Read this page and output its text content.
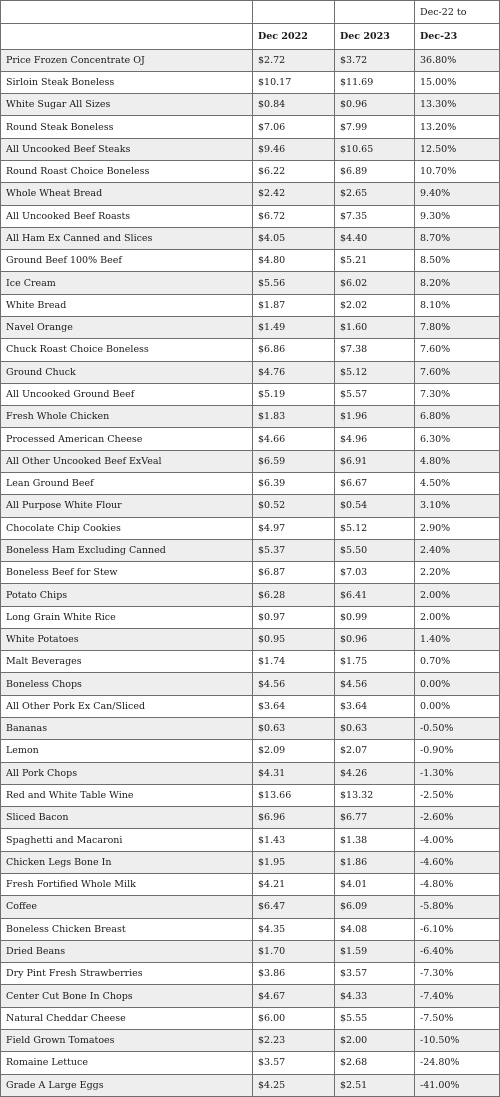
			Dec-22 to
	Dec 2022	Dec 2023	Dec-23
Price Frozen Concentrate OJ	$2.72	$3.72	36.80%
Sirloin Steak Boneless	$10.17	$11.69	15.00%
White Sugar All Sizes	$0.84	$0.96	13.30%
Round Steak Boneless	$7.06	$7.99	13.20%
All Uncooked Beef Steaks	$9.46	$10.65	12.50%
Round Roast Choice Boneless	$6.22	$6.89	10.70%
Whole Wheat Bread	$2.42	$2.65	9.40%
All Uncooked Beef Roasts	$6.72	$7.35	9.30%
All Ham Ex Canned and Slices	$4.05	$4.40	8.70%
Ground Beef 100% Beef	$4.80	$5.21	8.50%
Ice Cream	$5.56	$6.02	8.20%
White Bread	$1.87	$2.02	8.10%
Navel Orange	$1.49	$1.60	7.80%
Chuck Roast Choice Boneless	$6.86	$7.38	7.60%
Ground Chuck	$4.76	$5.12	7.60%
All Uncooked Ground Beef	$5.19	$5.57	7.30%
Fresh Whole Chicken	$1.83	$1.96	6.80%
Processed American Cheese	$4.66	$4.96	6.30%
All Other Uncooked Beef ExVeal	$6.59	$6.91	4.80%
Lean Ground Beef	$6.39	$6.67	4.50%
All Purpose White Flour	$0.52	$0.54	3.10%
Chocolate Chip Cookies	$4.97	$5.12	2.90%
Boneless Ham Excluding Canned	$5.37	$5.50	2.40%
Boneless Beef for Stew	$6.87	$7.03	2.20%
Potato Chips	$6.28	$6.41	2.00%
Long Grain White Rice	$0.97	$0.99	2.00%
White Potatoes	$0.95	$0.96	1.40%
Malt Beverages	$1.74	$1.75	0.70%
Boneless Chops	$4.56	$4.56	0.00%
All Other Pork Ex Can/Sliced	$3.64	$3.64	0.00%
Bananas	$0.63	$0.63	-0.50%
Lemon	$2.09	$2.07	-0.90%
All Pork Chops	$4.31	$4.26	-1.30%
Red and White Table Wine	$13.66	$13.32	-2.50%
Sliced Bacon	$6.96	$6.77	-2.60%
Spaghetti and Macaroni	$1.43	$1.38	-4.00%
Chicken Legs Bone In	$1.95	$1.86	-4.60%
Fresh Fortified Whole Milk	$4.21	$4.01	-4.80%
Coffee	$6.47	$6.09	-5.80%
Boneless Chicken Breast	$4.35	$4.08	-6.10%
Dried Beans	$1.70	$1.59	-6.40%
Dry Pint Fresh Strawberries	$3.86	$3.57	-7.30%
Center Cut Bone In Chops	$4.67	$4.33	-7.40%
Natural Cheddar Cheese	$6.00	$5.55	-7.50%
Field Grown Tomatoes	$2.23	$2.00	-10.50%
Romaine Lettuce	$3.57	$2.68	-24.80%
Grade A Large Eggs	$4.25	$2.51	-41.00%
